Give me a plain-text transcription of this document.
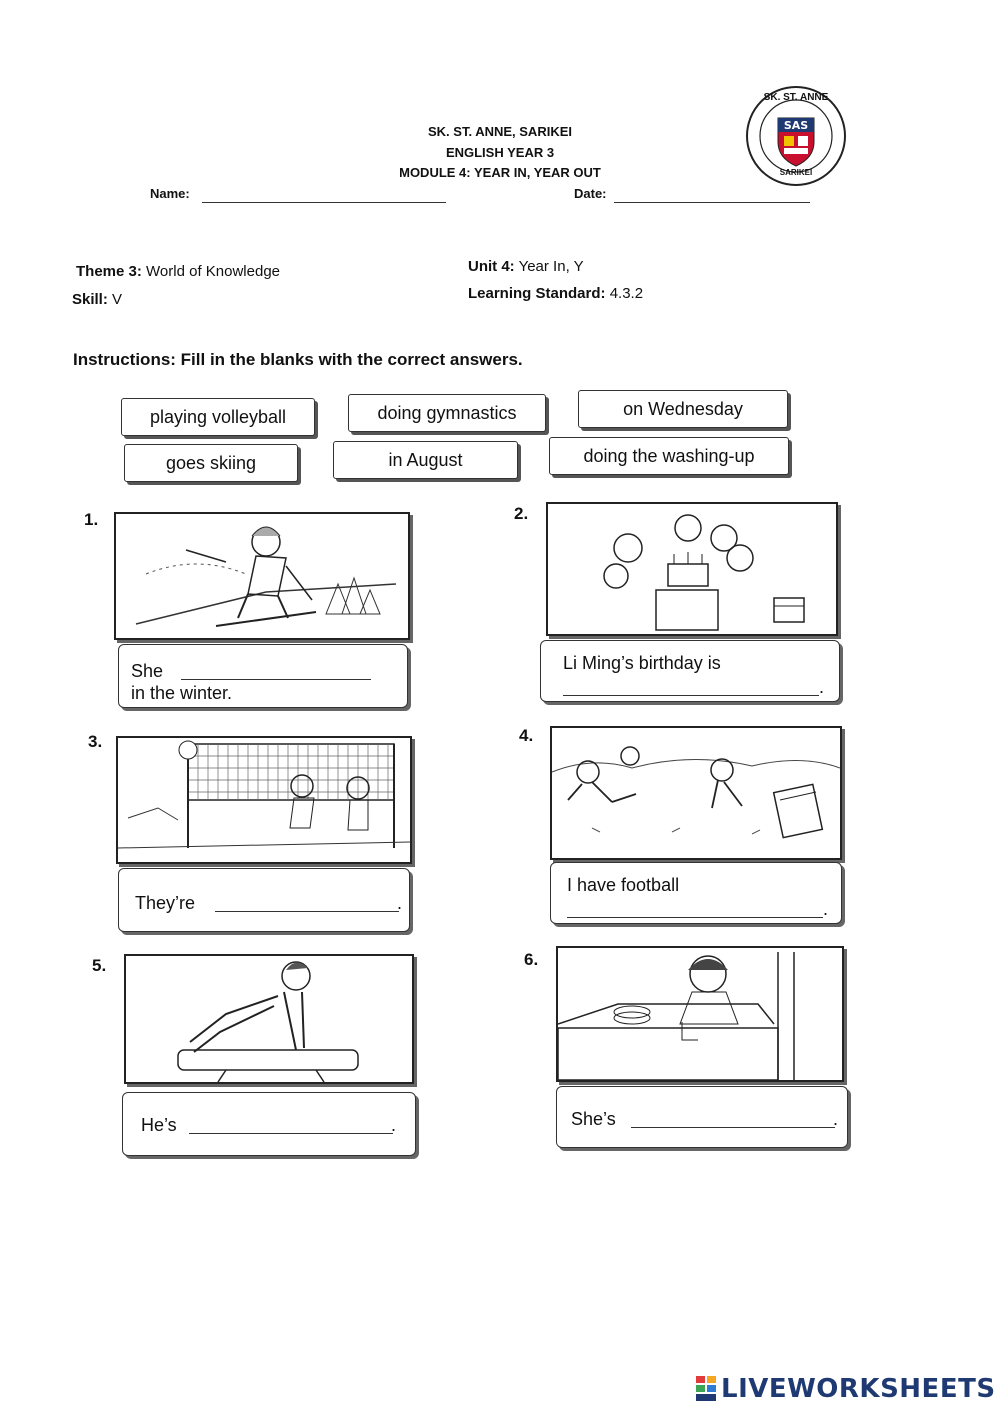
SK. ST. ANNE, SARIKEI
ENGLISH YEAR 3
MODULE 4: YEAR IN, YEAR OUT
Name:	Date:
SAS
SK. ST. ANNE
SARIKEI
Theme 3: World of Knowledge
Skill: V
Unit 4: Year In, Y
Learning Standard: 4.3.2
Instructions: Fill in the blanks with the correct answers.
playing volleyball	doing gymnastics	on Wednesday
goes skiing	in August	doing the washing-up
1.
She
in the winter.
2.
Li Ming’s birthday is
.
3.
They’re	.
4.
I have football
.
5.
He’s	.
6.
She’s	.
LIVE WORKSHEETS
